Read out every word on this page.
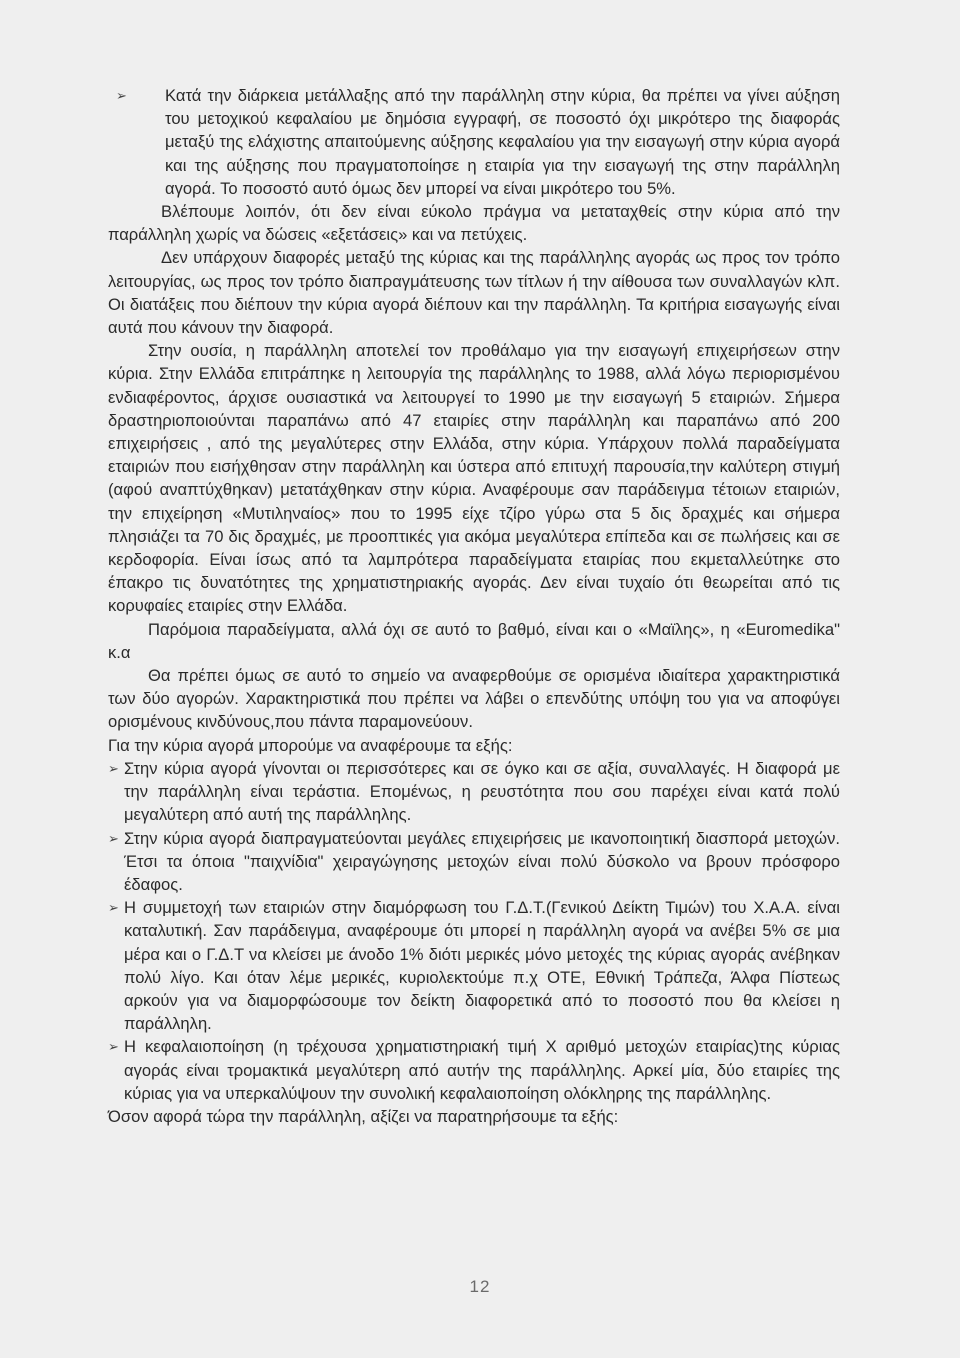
➢ Κατά την διάρκεια μετάλλαξης από την παράλληλη στην κύρια, θα πρέπει να γίνει αύξηση του μετοχικού κεφαλαίου με δημόσια εγγραφή, σε ποσοστό όχι μικρότερο της διαφοράς μεταξύ της ελάχιστης απαιτούμενης αύξησης κεφαλαίου για την εισαγωγή στην κύρια αγορά και της αύξησης που πραγματοποίησε η εταιρία για την εισαγωγή της στην παράλληλη αγορά. Το ποσοστό αυτό όμως δεν μπορεί να είναι μικρότερο του 5%.

Βλέπουμε λοιπόν, ότι δεν είναι εύκολο πράγμα να μεταταχθείς στην κύρια από την παράλληλη χωρίς να δώσεις «εξετάσεις» και να πετύχεις.

Δεν υπάρχουν διαφορές μεταξύ της κύριας και της παράλληλης αγοράς ως προς τον τρόπο λειτουργίας, ως προς τον τρόπο διαπραγμάτευσης των τίτλων ή την αίθουσα των συναλλαγών κλπ. Οι διατάξεις που διέπουν την κύρια αγορά διέπουν και την παράλληλη. Τα κριτήρια εισαγωγής είναι αυτά που κάνουν την διαφορά.

Στην ουσία, η παράλληλη αποτελεί τον προθάλαμο για την εισαγωγή επιχειρήσεων στην κύρια. Στην Ελλάδα επιτράπηκε η λειτουργία της παράλληλης το 1988, αλλά λόγω περιορισμένου ενδιαφέροντος, άρχισε ουσιαστικά να λειτουργεί το 1990 με την εισαγωγή 5 εταιριών. Σήμερα δραστηριοποιούνται παραπάνω από 47 εταιρίες στην παράλληλη και παραπάνω από 200 επιχειρήσεις , από της μεγαλύτερες στην Ελλάδα, στην κύρια. Υπάρχουν πολλά παραδείγματα εταιριών που εισήχθησαν στην παράλληλη και ύστερα από επιτυχή παρουσία,την καλύτερη στιγμή (αφού αναπτύχθηκαν) μετατάχθηκαν στην κύρια. Αναφέρουμε σαν παράδειγμα τέτοιων εταιριών, την επιχείρηση «Μυτιληναίος» που το 1995 είχε τζίρο γύρω στα 5 δις δραχμές και σήμερα πλησιάζει τα 70 δις δραχμές, με προοπτικές για ακόμα μεγαλύτερα επίπεδα και σε πωλήσεις και σε κερδοφορία. Είναι ίσως από τα λαμπρότερα παραδείγματα εταιρίας που εκμεταλλεύτηκε στο έπακρο τις δυνατότητες της χρηματιστηριακής αγοράς. Δεν είναι τυχαίο ότι θεωρείται από τις κορυφαίες εταιρίες στην Ελλάδα.

Παρόμοια παραδείγματα, αλλά όχι σε αυτό το βαθμό, είναι και ο «Μαϊλης», η «Euromedika" κ.α

Θα πρέπει όμως σε αυτό το σημείο να αναφερθούμε σε ορισμένα ιδιαίτερα χαρακτηριστικά των δύο αγορών. Χαρακτηριστικά που πρέπει να λάβει ο επενδύτης υπόψη του για να αποφύγει ορισμένους κινδύνους,που πάντα παραμονεύουν.

Για την κύρια αγορά μπορούμε να αναφέρουμε τα εξής:

➢ Στην κύρια αγορά γίνονται οι περισσότερες και σε όγκο και σε αξία, συναλλαγές. Η διαφορά με την παράλληλη είναι τεράστια. Επομένως, η ρευστότητα που σου παρέχει είναι κατά πολύ μεγαλύτερη από αυτή της παράλληλης.

➢ Στην κύρια αγορά διαπραγματεύονται μεγάλες επιχειρήσεις με ικανοποιητική διασπορά μετοχών. Έτσι τα όποια "παιχνίδια" χειραγώγησης μετοχών είναι πολύ δύσκολο να βρουν πρόσφορο έδαφος.

➢ Η συμμετοχή των εταιριών στην διαμόρφωση του Γ.Δ.Τ.(Γενικού Δείκτη Τιμών) του Χ.Α.Α. είναι καταλυτική. Σαν παράδειγμα, αναφέρουμε ότι μπορεί η παράλληλη αγορά να ανέβει 5% σε μια μέρα και ο Γ.Δ.Τ να κλείσει με άνοδο 1% διότι μερικές μόνο μετοχές της κύριας αγοράς ανέβηκαν πολύ λίγο. Και όταν λέμε μερικές, κυριολεκτούμε π.χ ΟΤΕ, Εθνική Τράπεζα, Άλφα Πίστεως αρκούν για να διαμορφώσουμε τον δείκτη διαφορετικά από το ποσοστό που θα κλείσει η παράλληλη.

➢ Η κεφαλαιοποίηση (η τρέχουσα χρηματιστηριακή τιμή Χ αριθμό μετοχών εταιρίας)της κύριας αγοράς είναι τρομακτικά μεγαλύτερη από αυτήν της παράλληλης. Αρκεί μία, δύο εταιρίες της κύριας για να υπερκαλύψουν την συνολική κεφαλαιοποίηση ολόκληρης της παράλληλης.

Όσον αφορά τώρα την παράλληλη, αξίζει να παρατηρήσουμε τα εξής:

12
